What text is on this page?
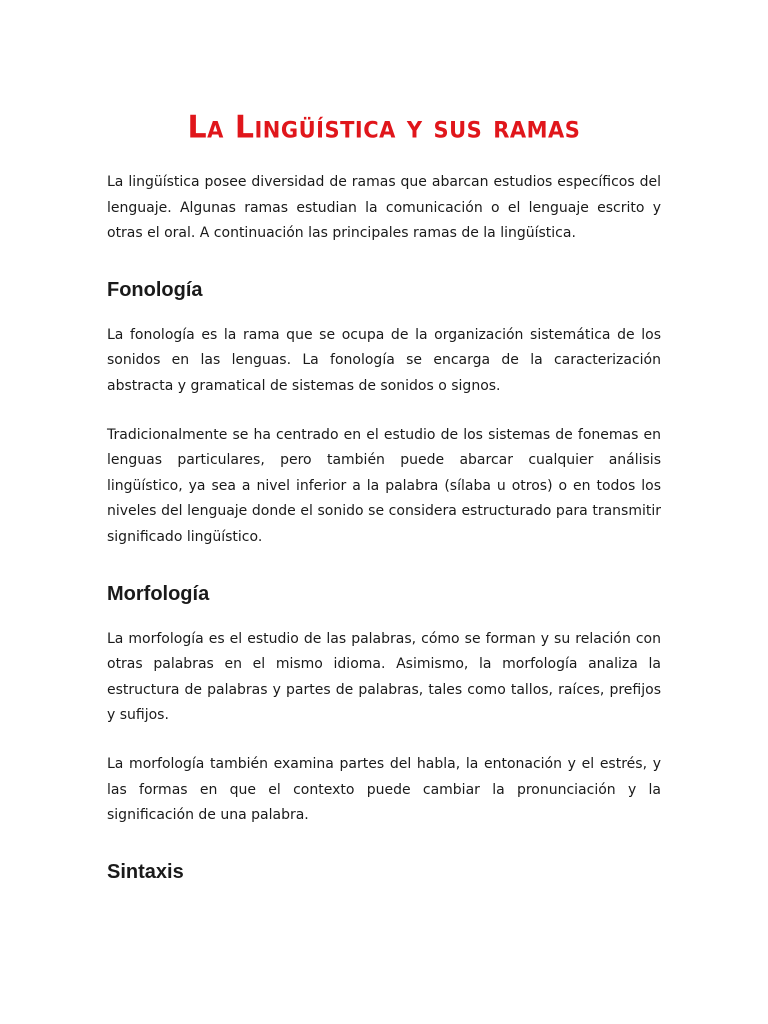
La Lingüística y sus ramas

La lingüística posee diversidad de ramas que abarcan estudios específicos del lenguaje. Algunas ramas estudian la comunicación o el lenguaje escrito y otras el oral. A continuación las principales ramas de la lingüística.

Fonología

La fonología es la rama que se ocupa de la organización sistemática de los sonidos en las lenguas. La fonología se encarga de la caracterización abstracta y gramatical de sistemas de sonidos o signos.

Tradicionalmente se ha centrado en el estudio de los sistemas de fonemas en lenguas particulares, pero también puede abarcar cualquier análisis lingüístico, ya sea a nivel inferior a la palabra (sílaba u otros) o en todos los niveles del lenguaje donde el sonido se considera estructurado para transmitir significado lingüístico.

Morfología

La morfología es el estudio de las palabras, cómo se forman y su relación con otras palabras en el mismo idioma. Asimismo, la morfología analiza la estructura de palabras y partes de palabras, tales como tallos, raíces, prefijos y sufijos.

La morfología también examina partes del habla, la entonación y el estrés, y las formas en que el contexto puede cambiar la pronunciación y la significación de una palabra.

Sintaxis
